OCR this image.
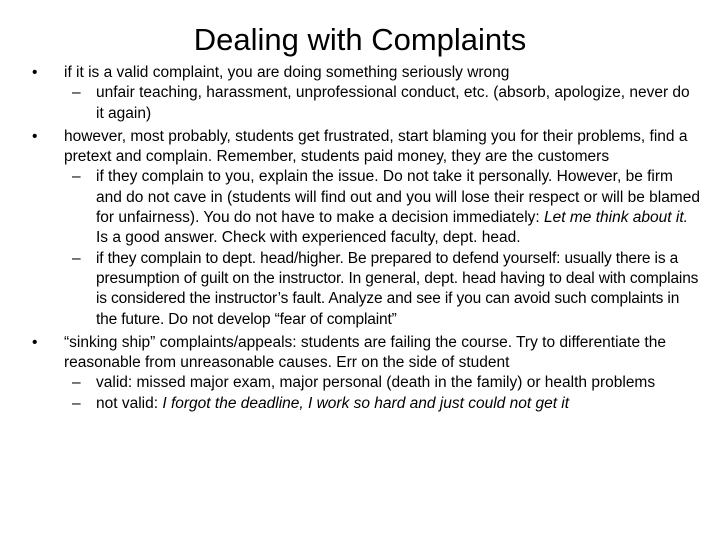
Dealing with Complaints
• if it is a valid complaint, you are doing something seriously wrong
– unfair teaching, harassment, unprofessional conduct, etc. (absorb, apologize, never do it again)
• however, most probably, students get frustrated, start blaming you for their problems, find a pretext and complain. Remember, students paid money, they are the customers
– if they complain to you, explain the issue. Do not take it personally. However, be firm and do not cave in (students will find out and you will lose their respect or will be blamed for unfairness). You do not have to make a decision immediately: Let me think about it. Is a good answer. Check with experienced faculty, dept. head.
– if they complain to dept. head/higher. Be prepared to defend yourself: usually there is a presumption of guilt on the instructor. In general, dept. head having to deal with complains is considered the instructor’s fault. Analyze and see if you can avoid such complaints in the future. Do not develop “fear of complaint”
• “sinking ship” complaints/appeals: students are failing the course. Try to differentiate the reasonable from unreasonable causes. Err on the side of student
– valid: missed major exam, major personal (death in the family) or health problems
– not valid: I forgot the deadline, I work so hard and just could not get it
